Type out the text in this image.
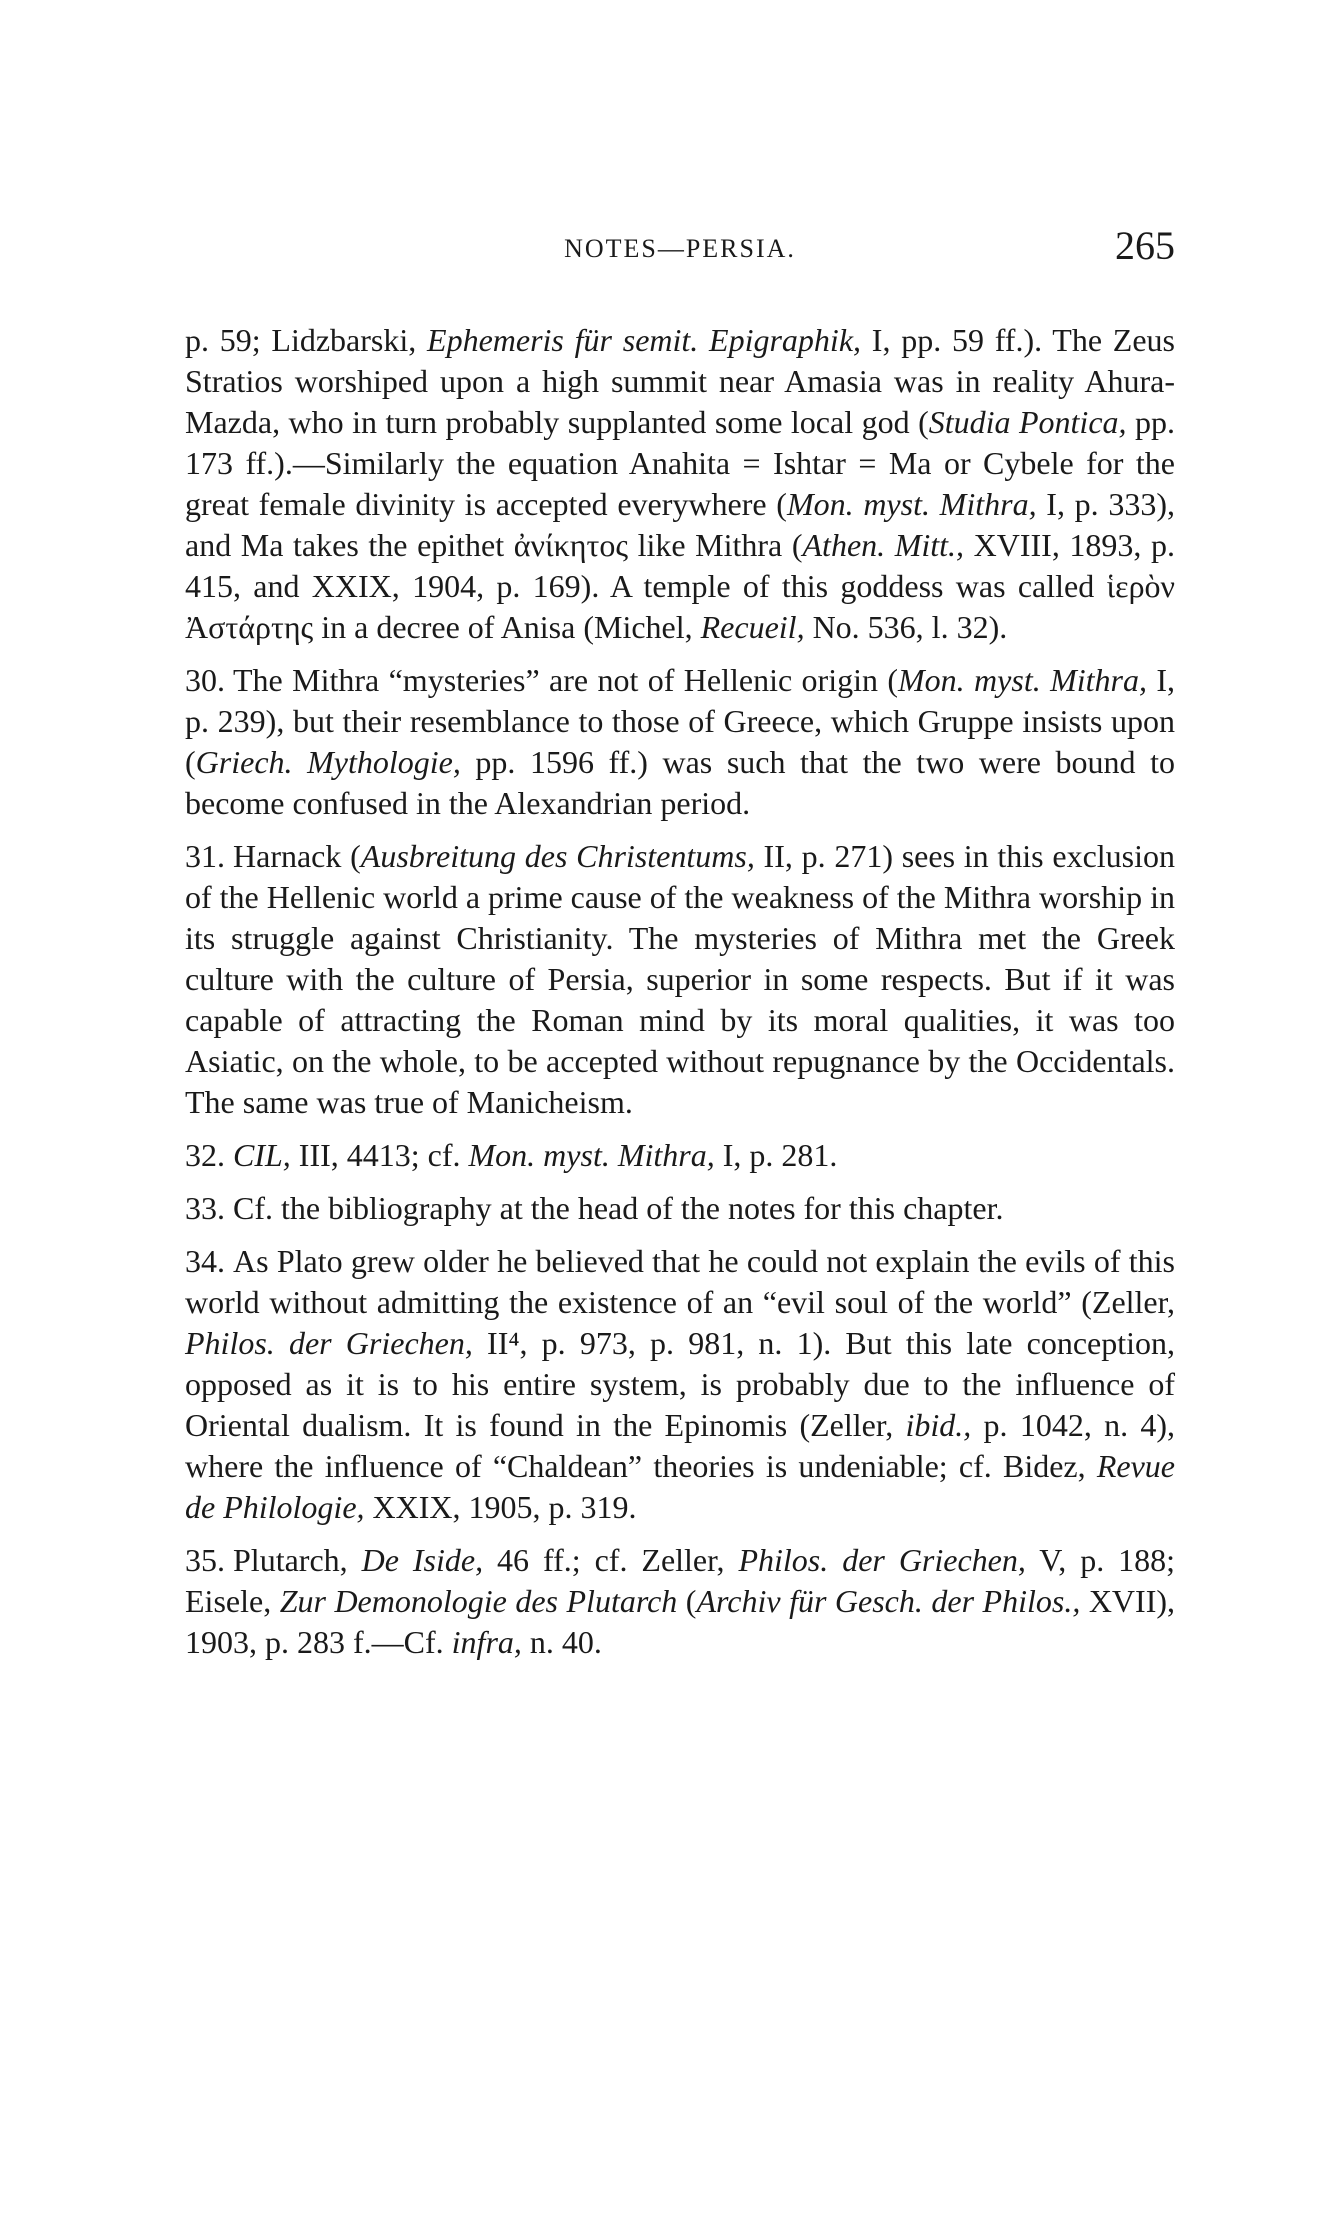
NOTES—PERSIA.	265

p. 59; Lidzbarski, Ephemeris für semit. Epigraphik, I, pp. 59 ff.). The Zeus Stratios worshiped upon a high summit near Amasia was in reality Ahura-Mazda, who in turn probably supplanted some local god (Studia Pontica, pp. 173 ff.).—Similarly the equation Anahita = Ishtar = Ma or Cybele for the great female divinity is accepted everywhere (Mon. myst. Mithra, I, p. 333), and Ma takes the epithet ἀνίκητος like Mithra (Athen. Mitt., XVIII, 1893, p. 415, and XXIX, 1904, p. 169). A temple of this goddess was called ἱερὸν Ἀστάρτης in a decree of Anisa (Michel, Recueil, No. 536, l. 32).

30. The Mithra “mysteries” are not of Hellenic origin (Mon. myst. Mithra, I, p. 239), but their resemblance to those of Greece, which Gruppe insists upon (Griech. Mythologie, pp. 1596 ff.) was such that the two were bound to become confused in the Alexandrian period.

31. Harnack (Ausbreitung des Christentums, II, p. 271) sees in this exclusion of the Hellenic world a prime cause of the weakness of the Mithra worship in its struggle against Christianity. The mysteries of Mithra met the Greek culture with the culture of Persia, superior in some respects. But if it was capable of attracting the Roman mind by its moral qualities, it was too Asiatic, on the whole, to be accepted without repugnance by the Occidentals. The same was true of Manicheism.

32. CIL, III, 4413; cf. Mon. myst. Mithra, I, p. 281.

33. Cf. the bibliography at the head of the notes for this chapter.

34. As Plato grew older he believed that he could not explain the evils of this world without admitting the existence of an “evil soul of the world” (Zeller, Philos. der Griechen, II⁴, p. 973, p. 981, n. 1). But this late conception, opposed as it is to his entire system, is probably due to the influence of Oriental dualism. It is found in the Epinomis (Zeller, ibid., p. 1042, n. 4), where the influence of “Chaldean” theories is undeniable; cf. Bidez, Revue de Philologie, XXIX, 1905, p. 319.

35. Plutarch, De Iside, 46 ff.; cf. Zeller, Philos. der Griechen, V, p. 188; Eisele, Zur Demonologie des Plutarch (Archiv für Gesch. der Philos., XVII), 1903, p. 283 f.—Cf. infra, n. 40.
